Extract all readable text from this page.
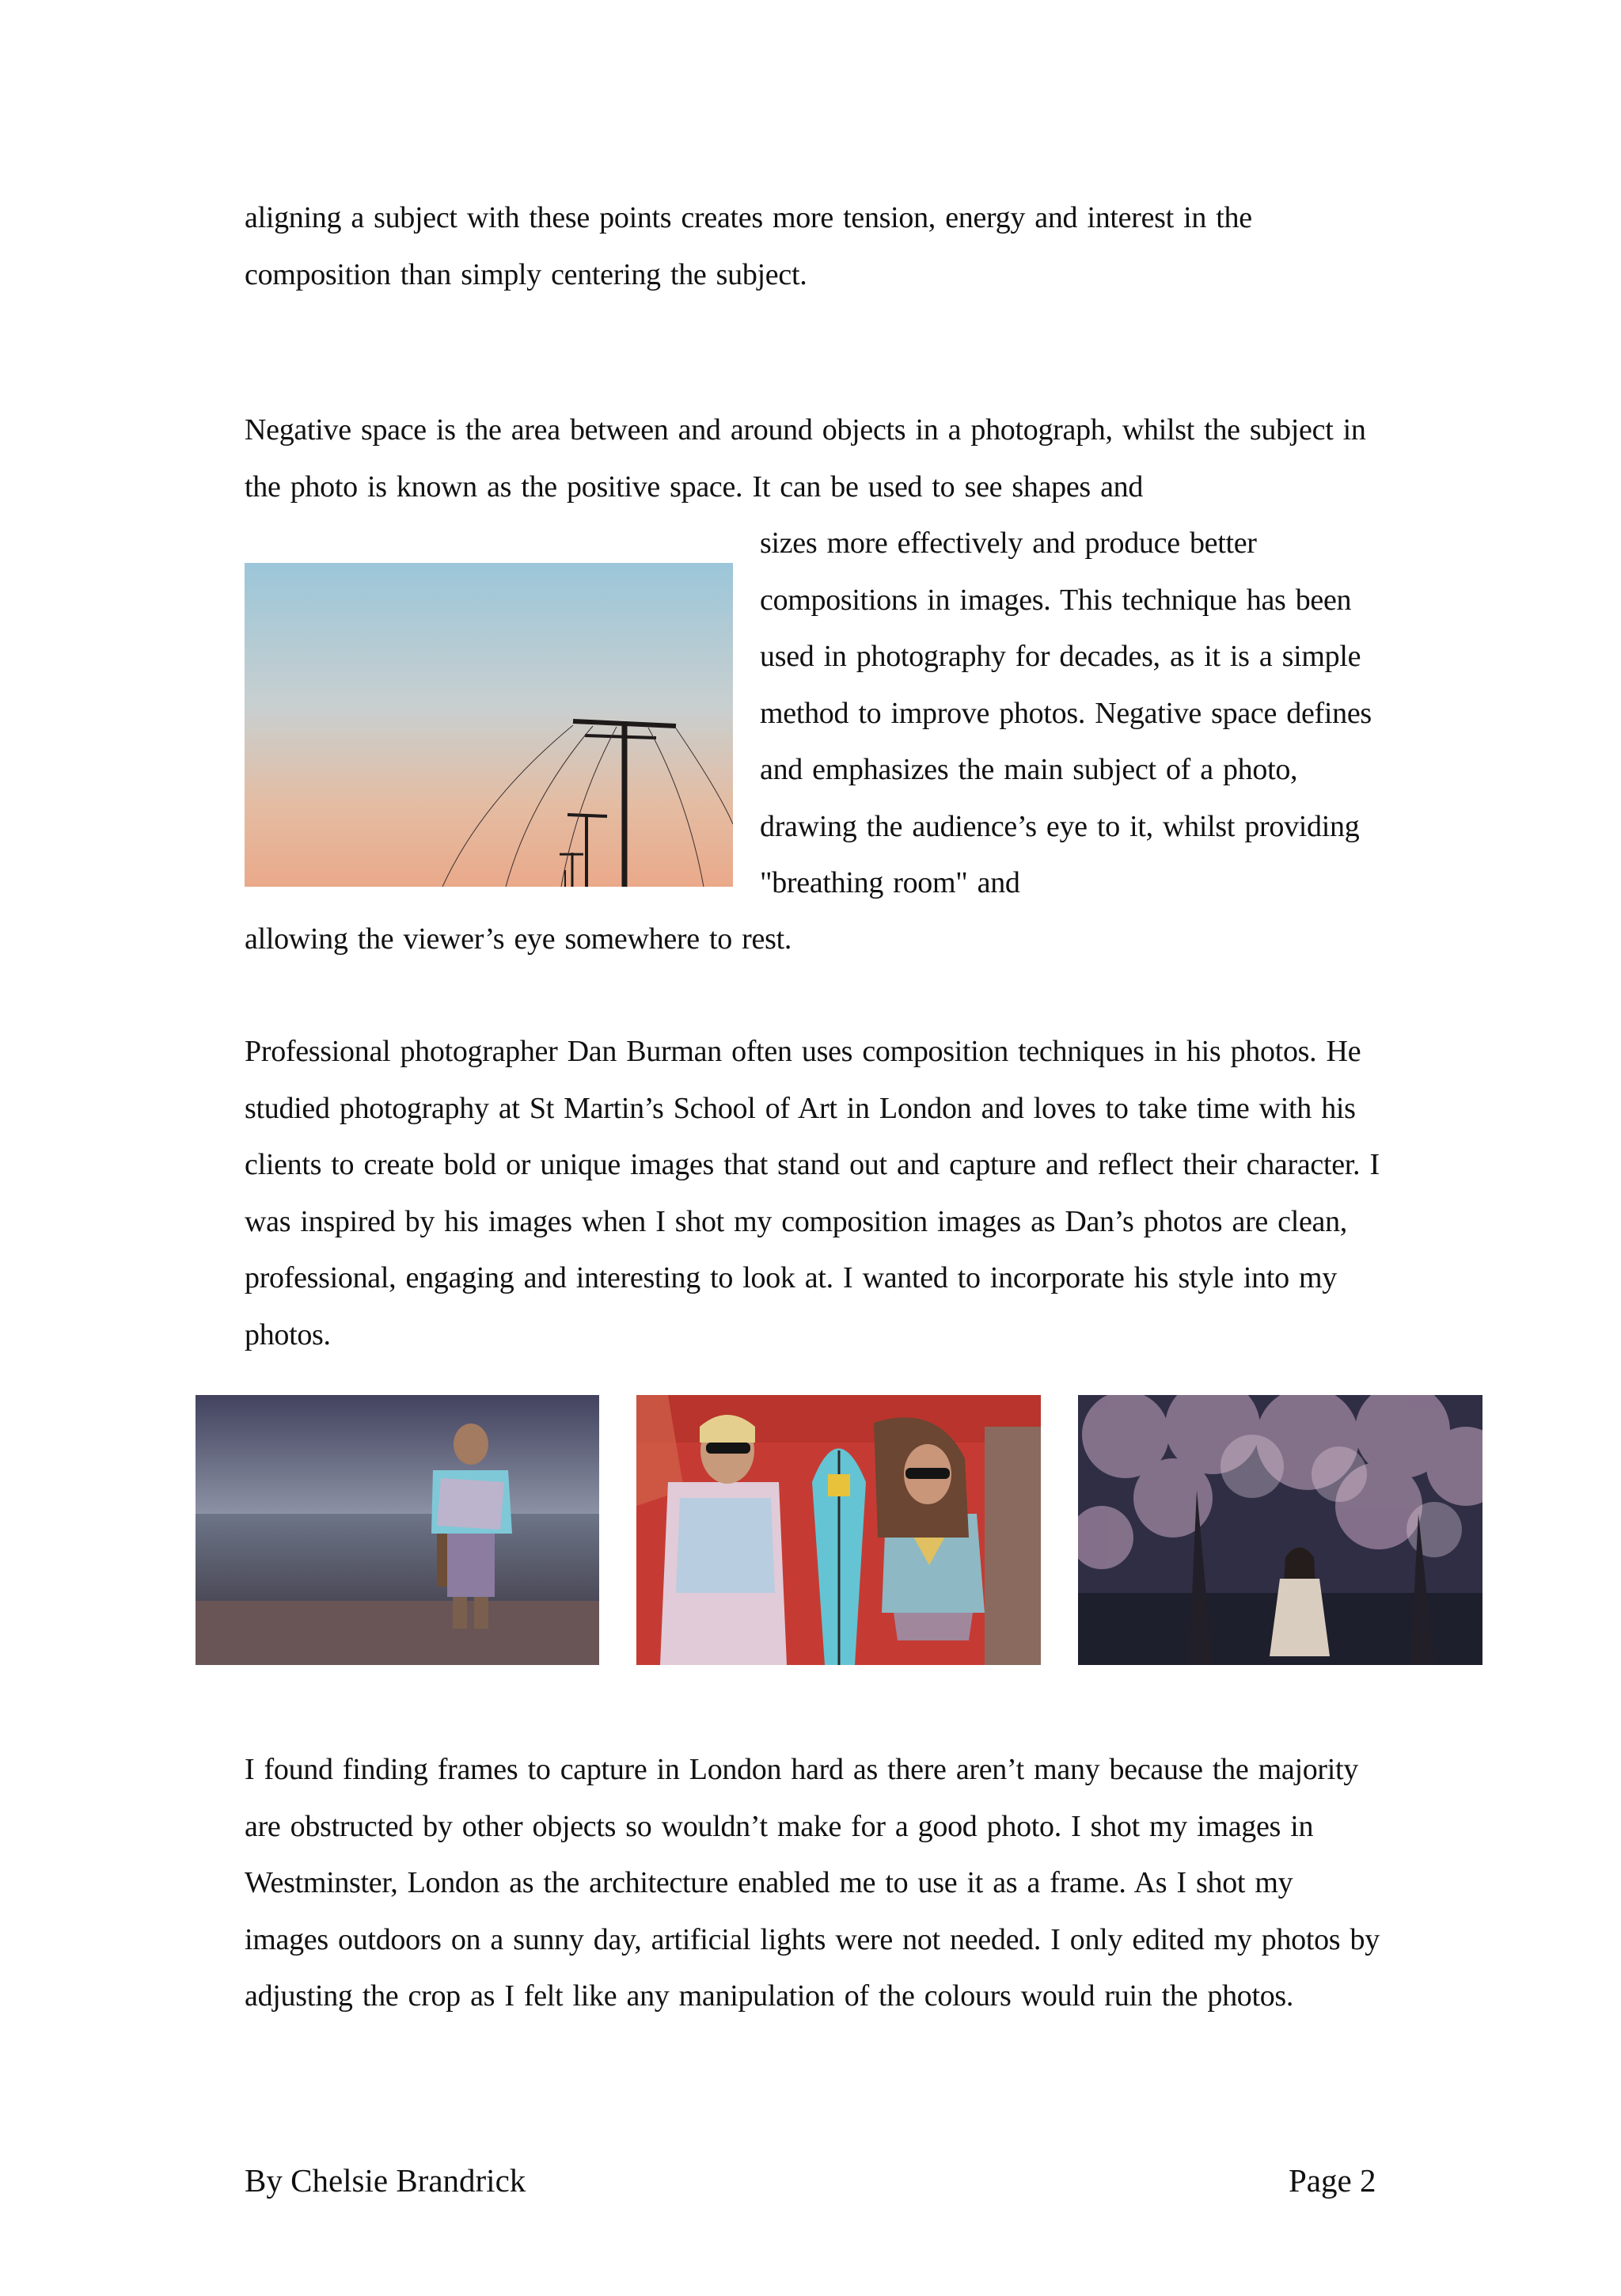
aligning a subject with these points creates more tension, energy and interest in the composition than simply centering the subject.

Negative space is the area between and around objects in a photograph, whilst the subject in the photo is known as the positive space. It can be used to see shapes and

sizes more effectively and produce better compositions in images. This technique has been used in photography for decades, as it is a simple method to improve photos. Negative space defines and emphasizes the main subject of a photo, drawing the audience’s eye to it, whilst providing "breathing room" and

allowing the viewer’s eye somewhere to rest.

Professional photographer Dan Burman often uses composition techniques in his photos. He studied photography at St Martin’s School of Art in London and loves to take time with his clients to create bold or unique images that stand out and capture and reflect their character. I was inspired by his images when I shot my composition images as Dan’s photos are clean, professional, engaging and interesting to look at. I wanted to incorporate his style into my photos.

I found finding frames to capture in London hard as there aren’t many because the majority are obstructed by other objects so wouldn’t make for a good photo. I shot my images in Westminster, London as the architecture enabled me to use it as a frame. As I shot my images outdoors on a sunny day, artificial lights were not needed. I only edited my photos by adjusting the crop as I felt like any manipulation of the colours would ruin the photos.

By Chelsie Brandrick	Page 2
